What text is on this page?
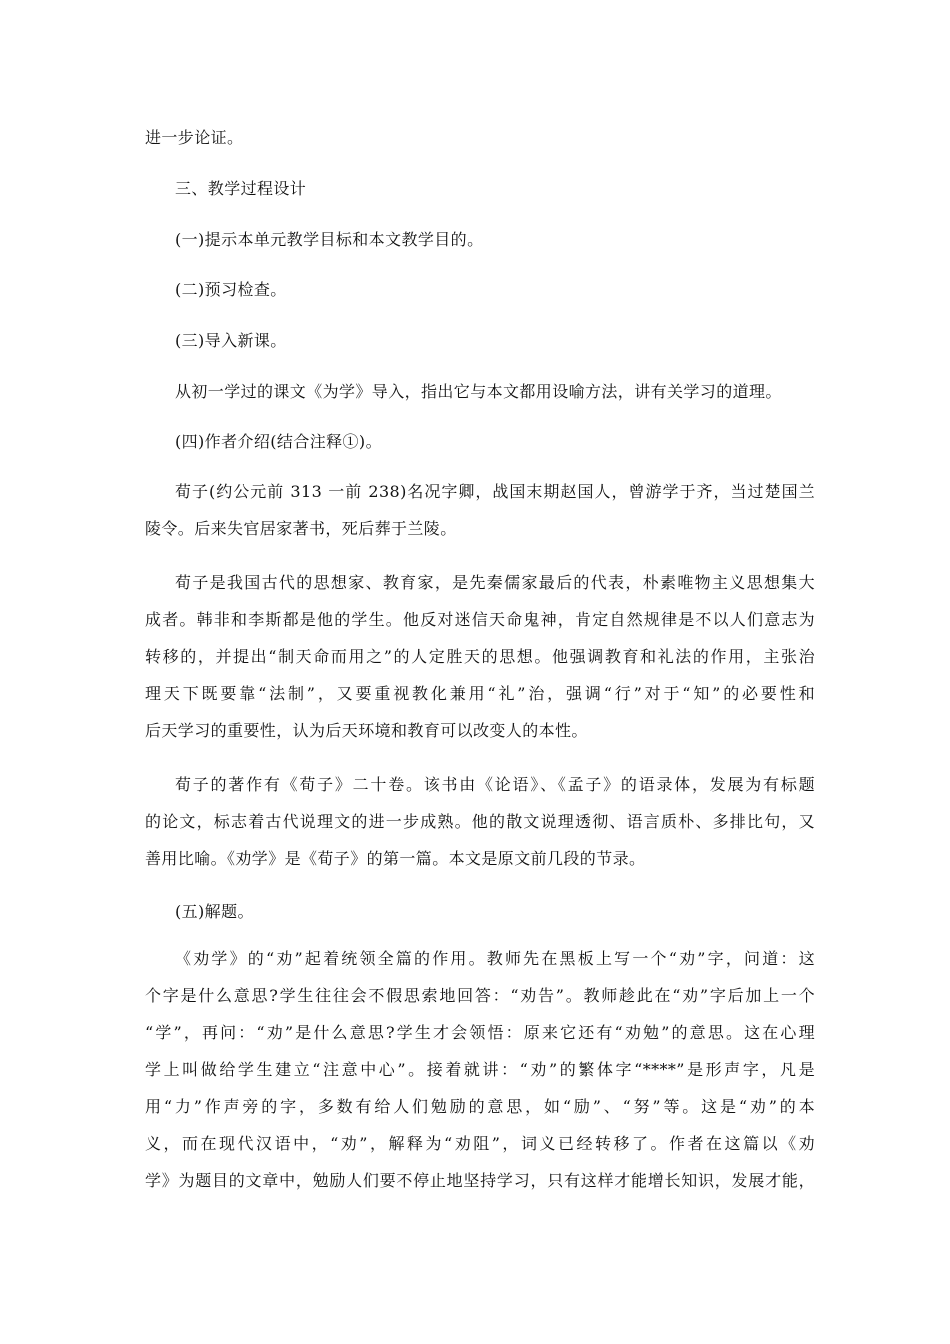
进一步论证。
三、教学过程设计
(一)提示本单元教学目标和本文教学目的。
(二)预习检查。
(三)导入新课。
从初一学过的课文《为学》导入，指出它与本文都用设喻方法，讲有关学习的道理。
(四)作者介绍(结合注释①)。
荀子(约公元前 313 一前 238)名况字卿，战国末期赵国人，曾游学于齐，当过楚国兰
陵令。后来失官居家著书，死后葬于兰陵。
荀子是我国古代的思想家、教育家，是先秦儒家最后的代表，朴素唯物主义思想集大
成者。韩非和李斯都是他的学生。他反对迷信天命鬼神，肯定自然规律是不以人们意志为
转移的，并提出“制天命而用之”的人定胜天的思想。他强调教育和礼法的作用，主张治
理天下既要靠“法制”，又要重视教化兼用“礼”治，强调“行”对于“知”的必要性和
后天学习的重要性，认为后天环境和教育可以改变人的本性。
荀子的著作有《荀子》二十卷。该书由《论语》、《孟子》的语录体，发展为有标题
的论文，标志着古代说理文的进一步成熟。他的散文说理透彻、语言质朴、多排比句，又
善用比喻。《劝学》是《荀子》的第一篇。本文是原文前几段的节录。
(五)解题。
《劝学》的“劝”起着统领全篇的作用。教师先在黑板上写一个“劝”字，问道：这
个字是什么意思?学生往往会不假思索地回答：“劝告”。教师趁此在“劝”字后加上一个
“学”，再问：“劝”是什么意思?学生才会领悟：原来它还有“劝勉”的意思。这在心理
学上叫做给学生建立“注意中心”。接着就讲：“劝”的繁体字“****”是形声字，凡是
用“力”作声旁的字，多数有给人们勉励的意思，如“励”、“努”等。这是“劝”的本
义，而在现代汉语中，“劝”，解释为“劝阻”，词义已经转移了。作者在这篇以《劝
学》为题目的文章中，勉励人们要不停止地坚持学习，只有这样才能增长知识，发展才能，
